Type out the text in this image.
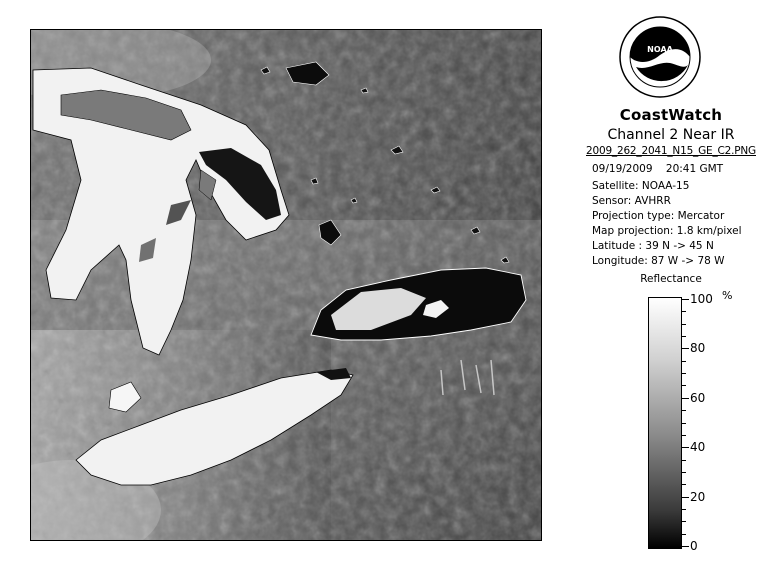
NOAA
CoastWatch
Channel 2 Near IR
2009_262_2041_N15_GE_C2.PNG
09/19/2009 20:41 GMT
Satellite: NOAA-15
Sensor: AVHRR
Projection type: Mercator
Map projection: 1.8 km/pixel
Latitude : 39 N -> 45 N
Longitude: 87 W -> 78 W
Reflectance
%
100
80
60
40
20
0
